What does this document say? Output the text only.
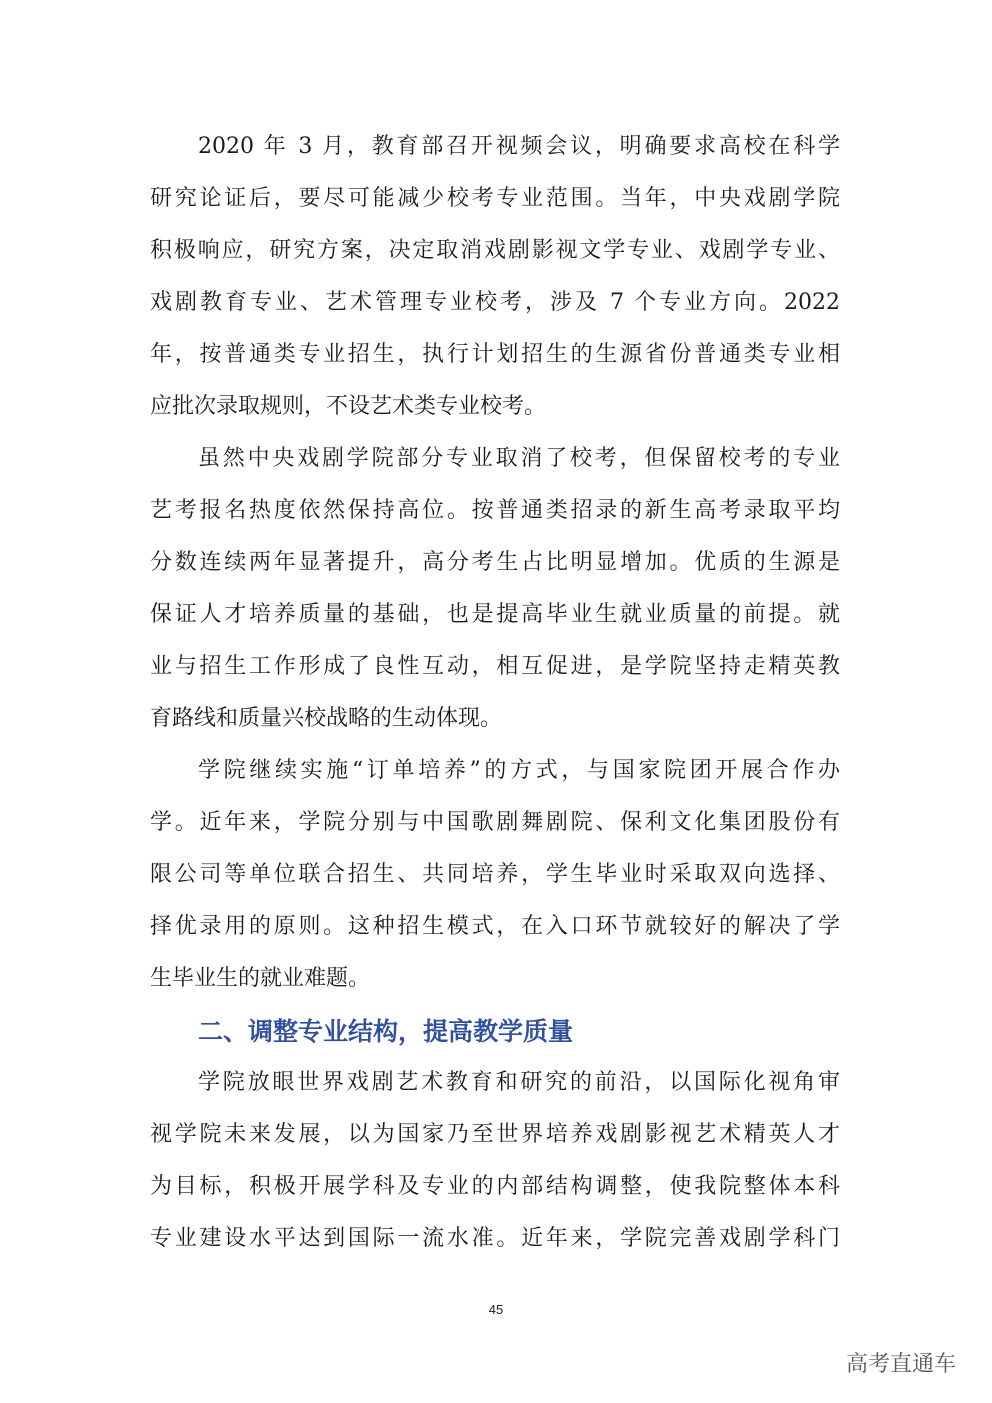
2020 年 3 月，教育部召开视频会议，明确要求高校在科学
研究论证后，要尽可能减少校考专业范围。当年，中央戏剧学院
积极响应，研究方案，决定取消戏剧影视文学专业、戏剧学专业、
戏剧教育专业、艺术管理专业校考，涉及 7 个专业方向。2022
年，按普通类专业招生，执行计划招生的生源省份普通类专业相
应批次录取规则，不设艺术类专业校考。
虽然中央戏剧学院部分专业取消了校考，但保留校考的专业
艺考报名热度依然保持高位。按普通类招录的新生高考录取平均
分数连续两年显著提升，高分考生占比明显增加。优质的生源是
保证人才培养质量的基础，也是提高毕业生就业质量的前提。就
业与招生工作形成了良性互动，相互促进，是学院坚持走精英教
育路线和质量兴校战略的生动体现。
学院继续实施“订单培养”的方式，与国家院团开展合作办
学。近年来，学院分别与中国歌剧舞剧院、保利文化集团股份有
限公司等单位联合招生、共同培养，学生毕业时采取双向选择、
择优录用的原则。这种招生模式，在入口环节就较好的解决了学
生毕业生的就业难题。
二、调整专业结构，提高教学质量
学院放眼世界戏剧艺术教育和研究的前沿，以国际化视角审
视学院未来发展，以为国家乃至世界培养戏剧影视艺术精英人才
为目标，积极开展学科及专业的内部结构调整，使我院整体本科
专业建设水平达到国际一流水准。近年来，学院完善戏剧学科门
45
高考直通车
